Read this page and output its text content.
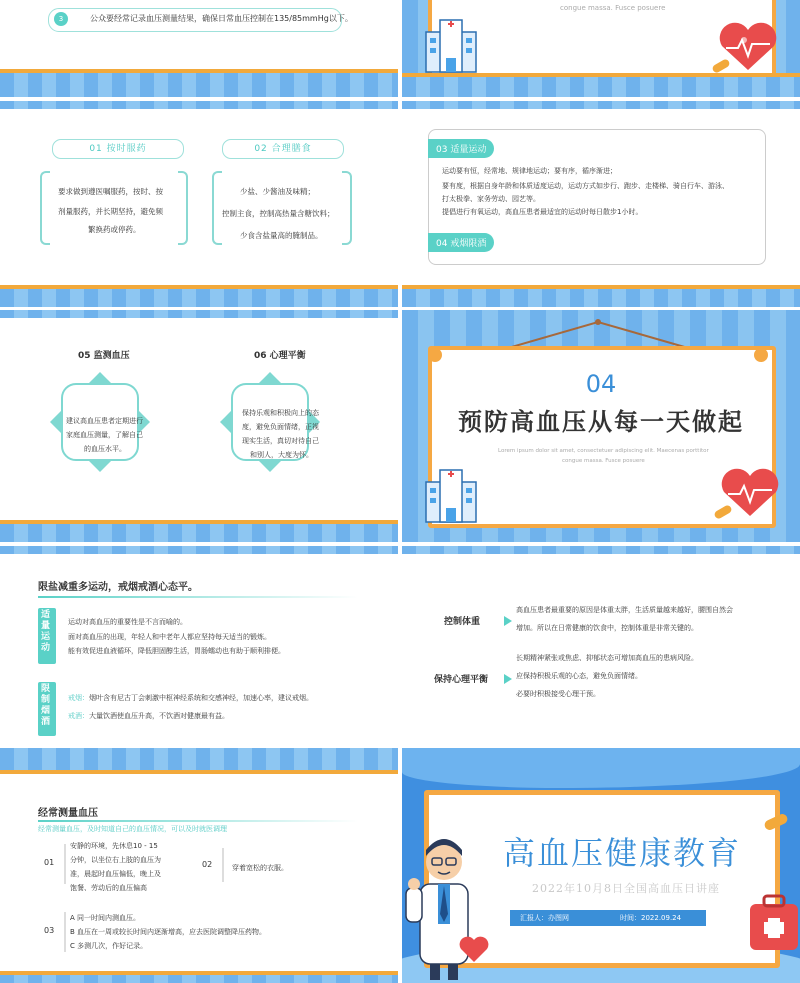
3	公众要经常记录血压测量结果，确保日常血压控制在135/85mmHg以下。
congue massa. Fusce posuere
01 按时服药
要求做到遵医嘱服药，按时、按
剂量服药，并长期坚持，避免频
繁换药或停药。
02 合理膳食
少盐、少酱油及味精；
控制主食，控制高热量含糖饮料；
少食含盐量高的腌制品。
03 适量运动
运动要有恒，经常地、规律地运动；要有序，循序渐进；
要有度，根据自身年龄和体质适度运动，运动方式如步行、跑步、走楼梯、骑自行车、游泳、
打太极拳、家务劳动、园艺等。
提倡进行有氧运动，高血压患者最适宜的运动时每日散步1小时。
04 戒烟限酒
05 监测血压
建议高血压患者定期进行
家庭血压测量，了解自己
的血压水平。
06 心理平衡
保持乐观和积极向上的态
度，避免负面情绪，正视
现实生活，真切对待自己
和别人，大度为怀。
04
预防高血压从每一天做起
Lorem ipsum dolor sit amet, consectetuer adipiscing elit. Maecenas porttitor
congue massa. Fusce posuere
限盐减重多运动，戒烟戒酒心态平。
适量运动
运动对高血压的重要性是不言而喻的。
面对高血压的出现，年轻人和中老年人都应坚持每天适当的锻炼。
能有效促进血液循环，降低胆固醇生活，胃肠蠕动也有助于顺利排便。
限制烟酒
戒烟：烟叶含有尼古丁会刺激中枢神经系统和交感神经，加速心率，建议戒烟。
戒酒：大量饮酒使血压升高，不饮酒对健康最有益。
控制体重
高血压患者最重要的原因是体重太胖，生活质量越来越好，腰围自然会
增加。所以在日常健康的饮食中，控制体重是非常关键的。
保持心理平衡
长期精神紧张或焦虑、抑郁状态可增加高血压的患病风险。
应保持积极乐观的心态，避免负面情绪。
必要时积极接受心理干预。
经常测量血压
经常测量血压，及时知道自己的血压情况，可以及时就医调理
01
安静的环境，先休息10 - 15
分钟，以坐位右上肢的血压为
准，晨起时血压偏低，晚上及
饱餐、劳动后的血压偏高
02	穿着宽松的衣服。
03
A 同一时间内测血压。
B 血压在一周或较长时间内逐渐增高，应去医院调整降压药物。
C 多测几次，作好记录。
高血压健康教育
2022年10月8日全国高血压日讲座
汇报人：办图网	时间：2022.09.24
